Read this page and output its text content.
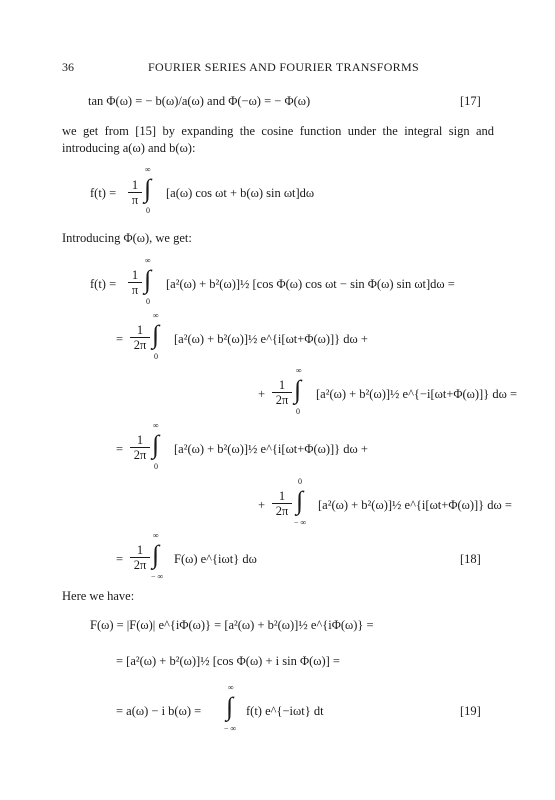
36	FOURIER SERIES AND FOURIER TRANSFORMS
tan Φ(ω) = − b(ω)/a(ω) and Φ(−ω) = − Φ(ω)	[17]
we get from [15] by expanding the cosine function under the integral sign and introducing a(ω) and b(ω):
f(t) =
1
π
∞
∫
0
[a(ω) cos ωt + b(ω) sin ωt]dω
Introducing Φ(ω), we get:
f(t) =
1
π
∞
∫
0
[a²(ω) + b²(ω)]½ [cos Φ(ω) cos ωt − sin Φ(ω) sin ωt]dω =
=
1
2π
∞
∫
0
[a²(ω) + b²(ω)]½ e^{i[ωt+Φ(ω)]} dω +
+
1
2π
∞
∫
0
[a²(ω) + b²(ω)]½ e^{−i[ωt+Φ(ω)]} dω =
=
1
2π
∞
∫
0
[a²(ω) + b²(ω)]½ e^{i[ωt+Φ(ω)]} dω +
+
1
2π
0
∫
− ∞
[a²(ω) + b²(ω)]½ e^{i[ωt+Φ(ω)]} dω =
=
1
2π
∞
∫
− ∞
F(ω) e^{iωt} dω	[18]
Here we have:
F(ω) = |F(ω)| e^{iΦ(ω)} = [a²(ω) + b²(ω)]½ e^{iΦ(ω)} =
= [a²(ω) + b²(ω)]½ [cos Φ(ω) + i sin Φ(ω)] =
= a(ω) − i b(ω) =
∞
∫
− ∞
f(t) e^{−iωt} dt	[19]
